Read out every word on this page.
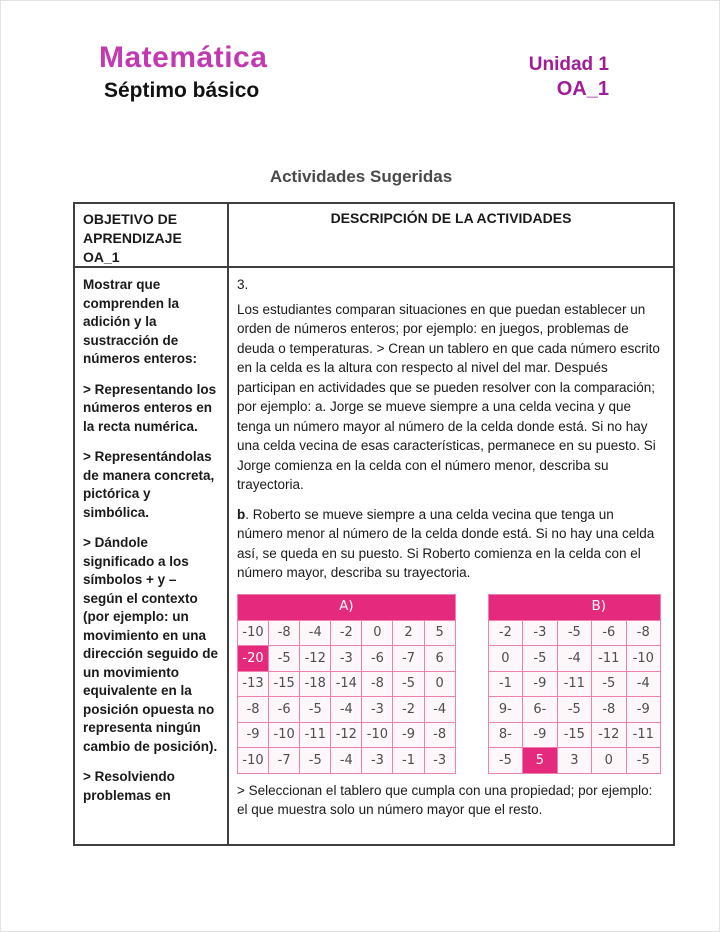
Matemática
Séptimo básico
Unidad 1
OA_1
Actividades Sugeridas
OBJETIVO DE APRENDIZAJE OA_1
DESCRIPCIÓN DE LA ACTIVIDADES

Mostrar que comprenden la adición y la sustracción de números enteros:

> Representando los números enteros en la recta numérica.

> Representándolas de manera concreta, pictórica y simbólica.

> Dándole significado a los símbolos + y – según el contexto (por ejemplo: un movimiento en una dirección seguido de un movimiento equivalente en la posición opuesta no representa ningún cambio de posición).

> Resolviendo problemas en

3.

Los estudiantes comparan situaciones en que puedan establecer un orden de números enteros; por ejemplo: en juegos, problemas de deuda o temperaturas. > Crean un tablero en que cada número escrito en la celda es la altura con respecto al nivel del mar. Después participan en actividades que se pueden resolver con la comparación; por ejemplo: a. Jorge se mueve siempre a una celda vecina y que tenga un número mayor al número de la celda donde está. Si no hay una celda vecina de esas características, permanece en su puesto. Si Jorge comienza en la celda con el número menor, describa su trayectoria.

b. Roberto se mueve siempre a una celda vecina que tenga un número menor al número de la celda donde está. Si no hay una celda así, se queda en su puesto. Si Roberto comienza en la celda con el número mayor, describa su trayectoria.

A)
-10	-8	-4	-2	0	2	5
-20	-5	-12	-3	-6	-7	6
-13 -15 -18 -14	-8	-5	0
-8	-6	-5	-4	-3	-2	-4
-9	-10 -11 -12 -10	-9	-8
-10	-7	-5	-4	-3	-1	-3
B)
-2	-3	-5	-6	-8
0	-5	-4	-11	-10
-1	-9	-11	-5	-4
9-	6-	-5	-8	-9
8-	-9	-15	-12	-11
-5	5	3	0	-5

> Seleccionan el tablero que cumpla con una propiedad; por ejemplo: el que muestra solo un número mayor que el resto.
